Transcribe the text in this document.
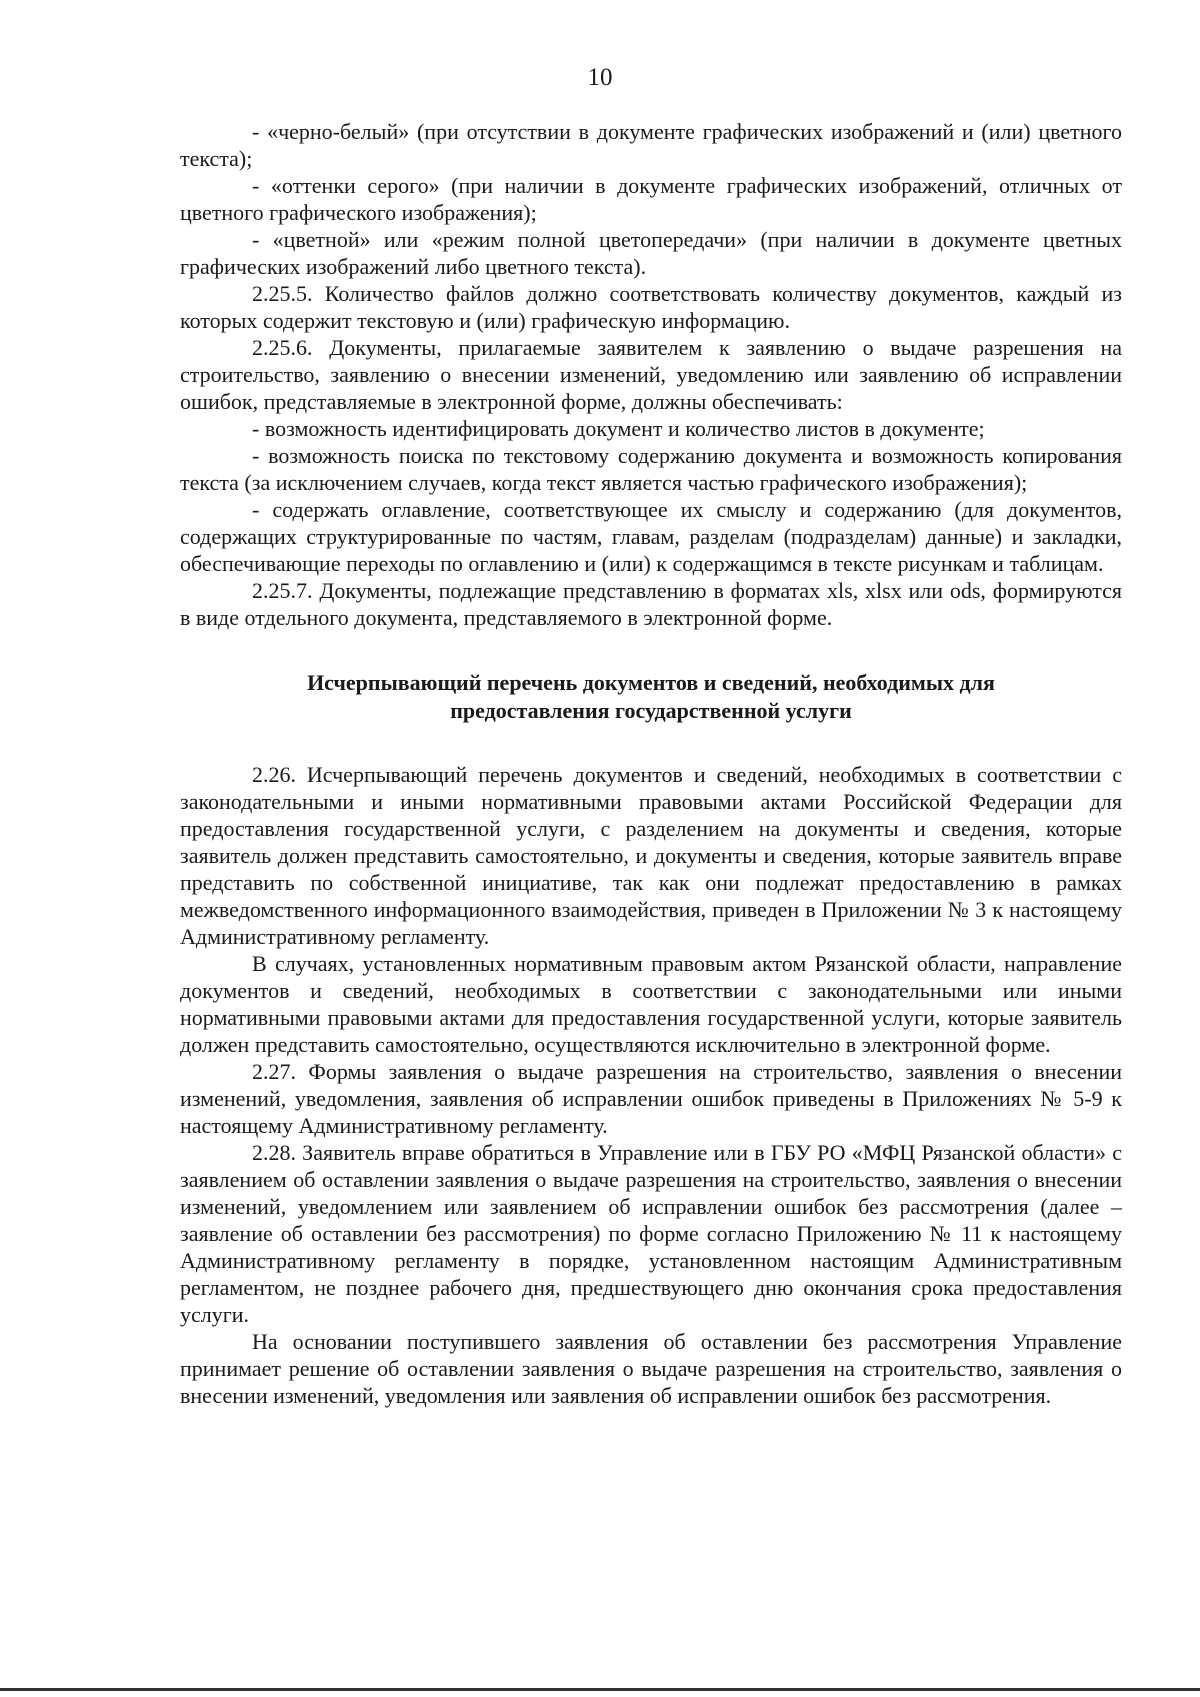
10

- «черно-белый» (при отсутствии в документе графических изображений и (или) цветного текста);

- «оттенки серого» (при наличии в документе графических изображений, отличных от цветного графического изображения);

- «цветной» или «режим полной цветопередачи» (при наличии в документе цветных графических изображений либо цветного текста).

2.25.5. Количество файлов должно соответствовать количеству документов, каждый из которых содержит текстовую и (или) графическую информацию.

2.25.6. Документы, прилагаемые заявителем к заявлению о выдаче разрешения на строительство, заявлению о внесении изменений, уведомлению или заявлению об исправлении ошибок, представляемые в электронной форме, должны обеспечивать:

- возможность идентифицировать документ и количество листов в документе;

- возможность поиска по текстовому содержанию документа и возможность копирования текста (за исключением случаев, когда текст является частью графического изображения);

- содержать оглавление, соответствующее их смыслу и содержанию (для документов, содержащих структурированные по частям, главам, разделам (подразделам) данные) и закладки, обеспечивающие переходы по оглавлению и (или) к содержащимся в тексте рисункам и таблицам.

2.25.7. Документы, подлежащие представлению в форматах xls, xlsx или ods, формируются в виде отдельного документа, представляемого в электронной форме.

Исчерпывающий перечень документов и сведений, необходимых для
предоставления государственной услуги

2.26. Исчерпывающий перечень документов и сведений, необходимых в соответствии с законодательными и иными нормативными правовыми актами Российской Федерации для предоставления государственной услуги, с разделением на документы и сведения, которые заявитель должен представить самостоятельно, и документы и сведения, которые заявитель вправе представить по собственной инициативе, так как они подлежат предоставлению в рамках межведомственного информационного взаимодействия, приведен в Приложении № 3 к настоящему Административному регламенту.

В случаях, установленных нормативным правовым актом Рязанской области, направление документов и сведений, необходимых в соответствии с законодательными или иными нормативными правовыми актами для предоставления государственной услуги, которые заявитель должен представить самостоятельно, осуществляются исключительно в электронной форме.

2.27. Формы заявления о выдаче разрешения на строительство, заявления о внесении изменений, уведомления, заявления об исправлении ошибок приведены в Приложениях № 5-9 к настоящему Административному регламенту.

2.28. Заявитель вправе обратиться в Управление или в ГБУ РО «МФЦ Рязанской области» с заявлением об оставлении заявления о выдаче разрешения на строительство, заявления о внесении изменений, уведомлением или заявлением об исправлении ошибок без рассмотрения (далее – заявление об оставлении без рассмотрения) по форме согласно Приложению № 11 к настоящему Административному регламенту в порядке, установленном настоящим Административным регламентом, не позднее рабочего дня, предшествующего дню окончания срока предоставления услуги.

На основании поступившего заявления об оставлении без рассмотрения Управление принимает решение об оставлении заявления о выдаче разрешения на строительство, заявления о внесении изменений, уведомления или заявления об исправлении ошибок без рассмотрения.
